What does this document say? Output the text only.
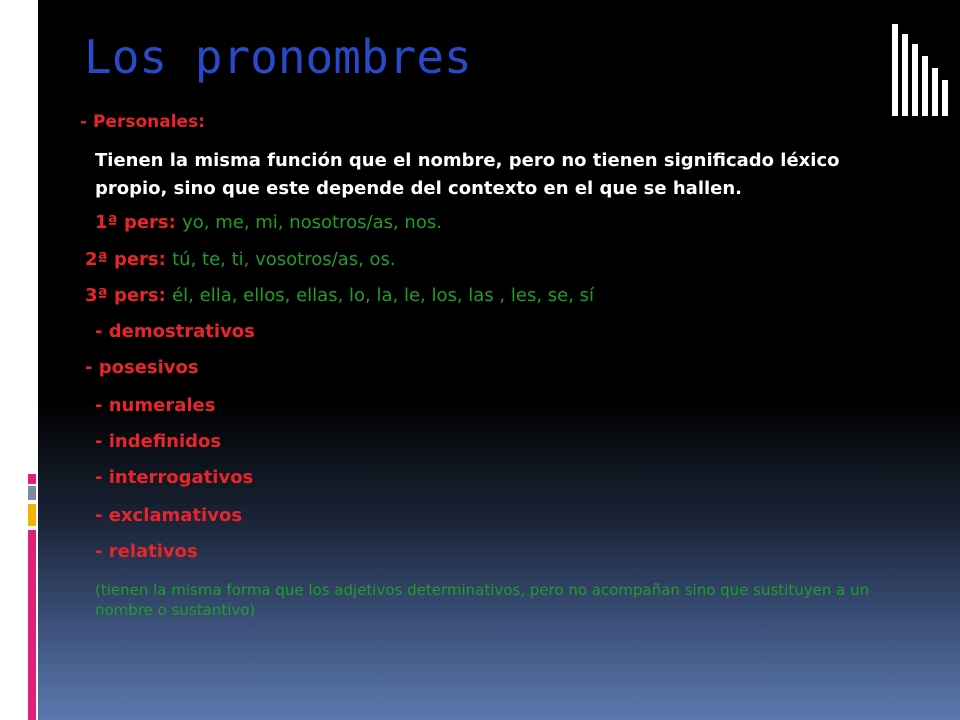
Los pronombres
- Personales:
Tienen la misma función que el nombre, pero no tienen significado léxico propio, sino que este depende del contexto en el que se hallen.
1ª pers: yo, me, mi, nosotros/as, nos.
2ª pers: tú, te, ti, vosotros/as, os.
3ª pers: él, ella, ellos, ellas, lo, la, le, los, las , les, se, sí
- demostrativos
- posesivos
- numerales
- indefinidos
- interrogativos
- exclamativos
- relativos
(tienen la misma forma que los adjetivos determinativos, pero no acompañan sino que sustituyen a un nombre o sustantivo)
